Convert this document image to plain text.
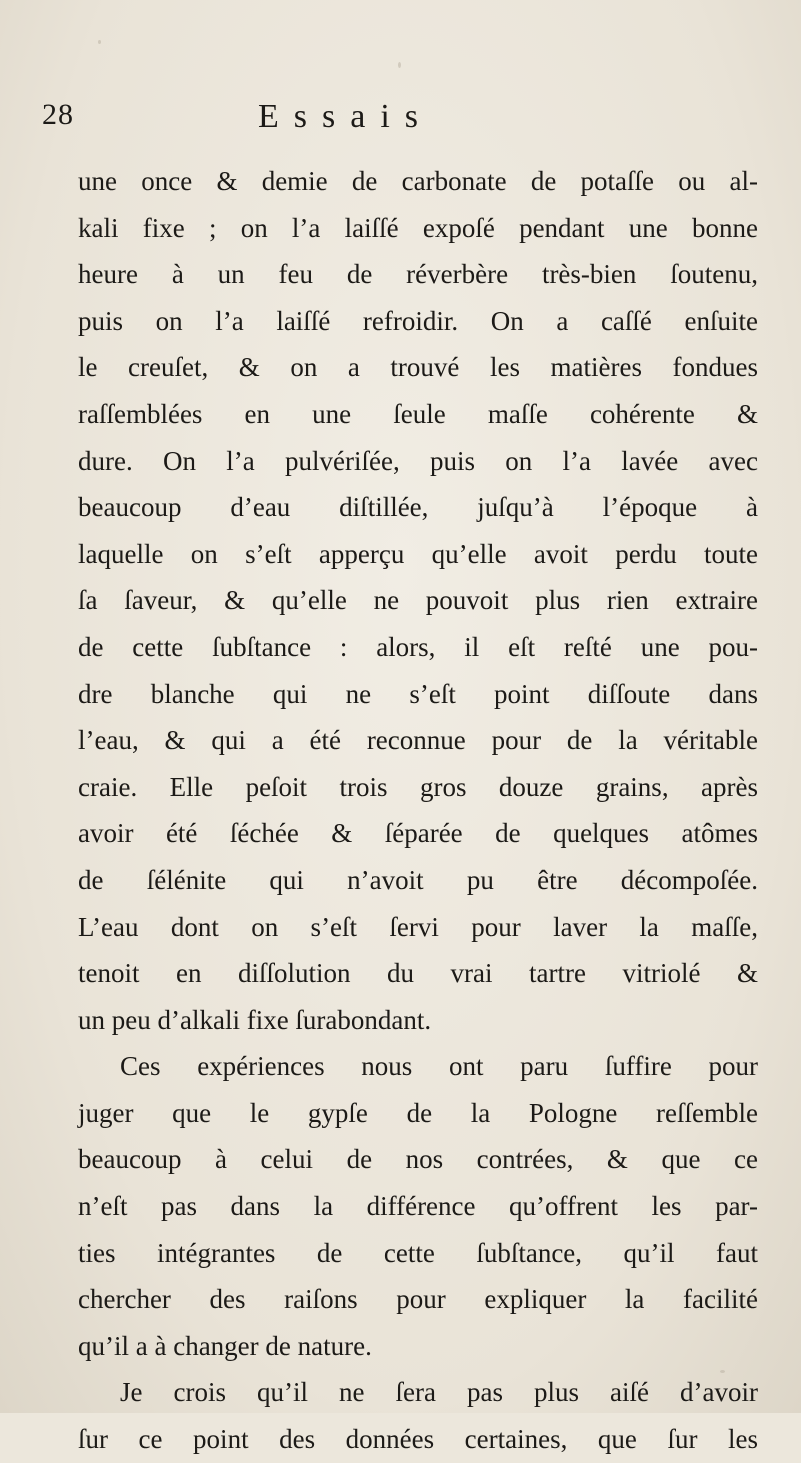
28	Essais
une once & demie de carbonate de potaſſe ou al-
kali fixe ; on l’a laiſſé expoſé pendant une bonne
heure à un feu de réverbère très-bien ſoutenu,
puis on l’a laiſſé refroidir. On a caſſé enſuite
le creuſet, & on a trouvé les matières fondues
raſſemblées en une ſeule maſſe cohérente &
dure. On l’a pulvériſée, puis on l’a lavée avec
beaucoup d’eau diſtillée, juſqu’à l’époque à
laquelle on s’eſt apperçu qu’elle avoit perdu toute
ſa ſaveur, & qu’elle ne pouvoit plus rien extraire
de cette ſubſtance : alors, il eſt reſté une pou-
dre blanche qui ne s’eſt point diſſoute dans
l’eau, & qui a été reconnue pour de la véritable
craie. Elle peſoit trois gros douze grains, après
avoir été ſéchée & ſéparée de quelques atômes
de ſélénite qui n’avoit pu être décompoſée.
L’eau dont on s’eſt ſervi pour laver la maſſe,
tenoit en diſſolution du vrai tartre vitriolé &
un peu d’alkali fixe ſurabondant.
Ces expériences nous ont paru ſuffire pour
juger que le gypſe de la Pologne reſſemble
beaucoup à celui de nos contrées, & que ce
n’eſt pas dans la différence qu’offrent les par-
ties intégrantes de cette ſubſtance, qu’il faut
chercher des raiſons pour expliquer la facilité
qu’il a à changer de nature.
Je crois qu’il ne ſera pas plus aiſé d’avoir
ſur ce point des données certaines, que ſur les
